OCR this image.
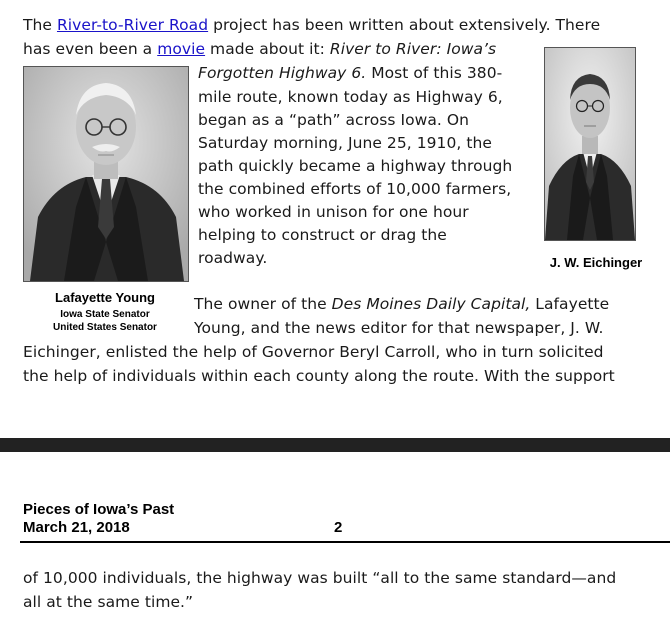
The River-to-River Road project has been written about extensively. There
has even been a movie made about it: River to River: Iowa’s
Forgotten Highway 6. Most of this 380-
mile route, known today as Highway 6,
began as a “path” across Iowa. On
Saturday morning, June 25, 1910, the
path quickly became a highway through
the combined efforts of 10,000 farmers,
who worked in unison for one hour
helping to construct or drag the
roadway.
Lafayette Young
Iowa State Senator
United States Senator
J. W. Eichinger
The owner of the Des Moines Daily Capital, Lafayette
Young, and the news editor for that newspaper, J. W.
Eichinger, enlisted the help of Governor Beryl Carroll, who in turn solicited
the help of individuals within each county along the route. With the support
Pieces of Iowa’s Past
March 21, 2018	2
of 10,000 individuals, the highway was built “all to the same standard—and
all at the same time.”
